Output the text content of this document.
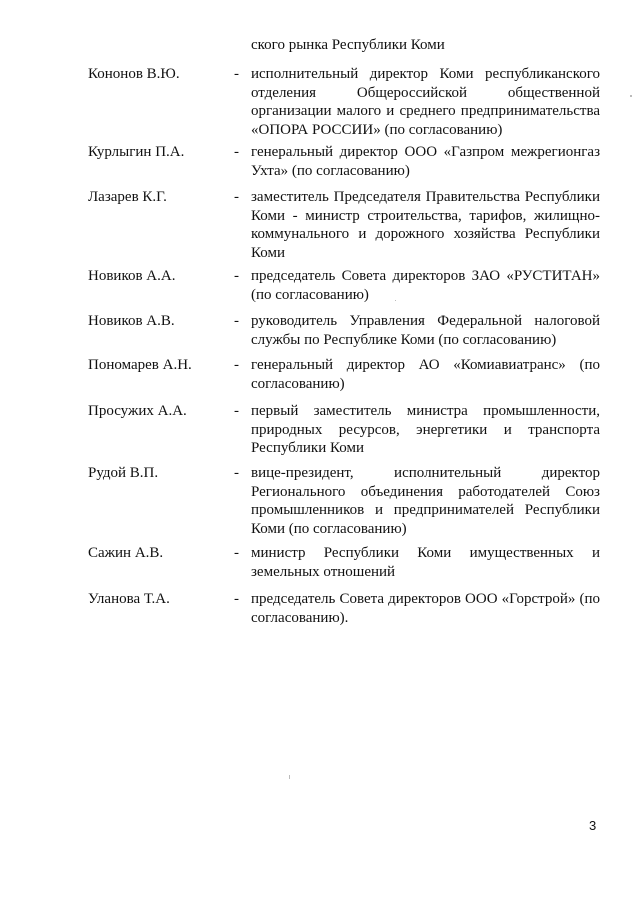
ского рынка Республики Коми
Кононов В.Ю.	- исполнительный директор Коми республиканского отделения Общероссийской общественной организации малого и среднего предпринимательства «ОПОРА РОССИИ» (по согласованию)
Курлыгин П.А.	- генеральный директор ООО «Газпром межрегионгаз Ухта» (по согласованию)
Лазарев К.Г.	- заместитель Председателя Правительства Республики Коми - министр строительства, тарифов, жилищно-коммунального и дорожного хозяйства Республики Коми
Новиков А.А.	- председатель Совета директоров ЗАО «РУСТИТАН» (по согласованию)
Новиков А.В.	- руководитель Управления Федеральной налоговой службы по Республике Коми (по согласованию)
Пономарев А.Н.	- генеральный директор АО «Комиавиатранс» (по согласованию)
Просужих А.А.	- первый заместитель министра промышленности, природных ресурсов, энергетики и транспорта Республики Коми
Рудой В.П.	- вице-президент, исполнительный директор Регионального объединения работодателей Союз промышленников и предпринимателей Республики Коми (по согласованию)
Сажин А.В.	- министр Республики Коми имущественных и земельных отношений
Уланова Т.А.	- председатель Совета директоров ООО «Горстрой» (по согласованию).
3
